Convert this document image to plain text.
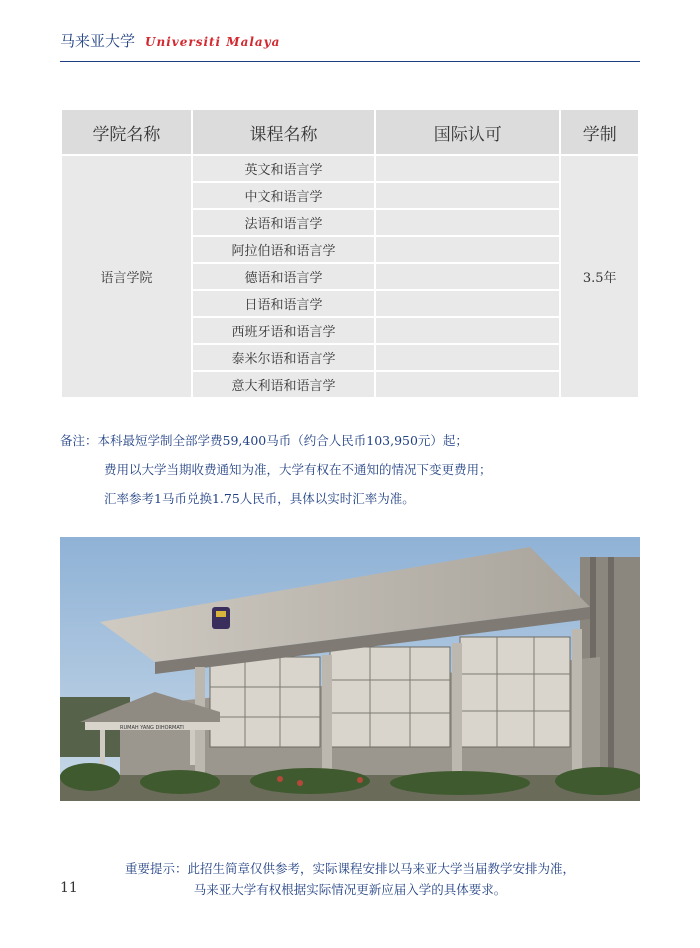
马来亚大学 Universiti Malaya
学院名称	课程名称	国际认可	学制
语言学院	英文和语言学		3.5年
	中文和语言学		
	法语和语言学		
	阿拉伯语和语言学		
	德语和语言学		
	日语和语言学		
	西班牙语和语言学		
	泰米尔语和语言学		
	意大利语和语言学		
备注：本科最短学制全部学费59,400马币（约合人民币103,950元）起；
费用以大学当期收费通知为准，大学有权在不通知的情况下变更费用；
汇率参考1马币兑换1.75人民币，具体以实时汇率为准。
RUMAH YANG DIHORMATI
重要提示：此招生简章仅供参考，实际课程安排以马来亚大学当届教学安排为准，
马来亚大学有权根据实际情况更新应届入学的具体要求。
11
